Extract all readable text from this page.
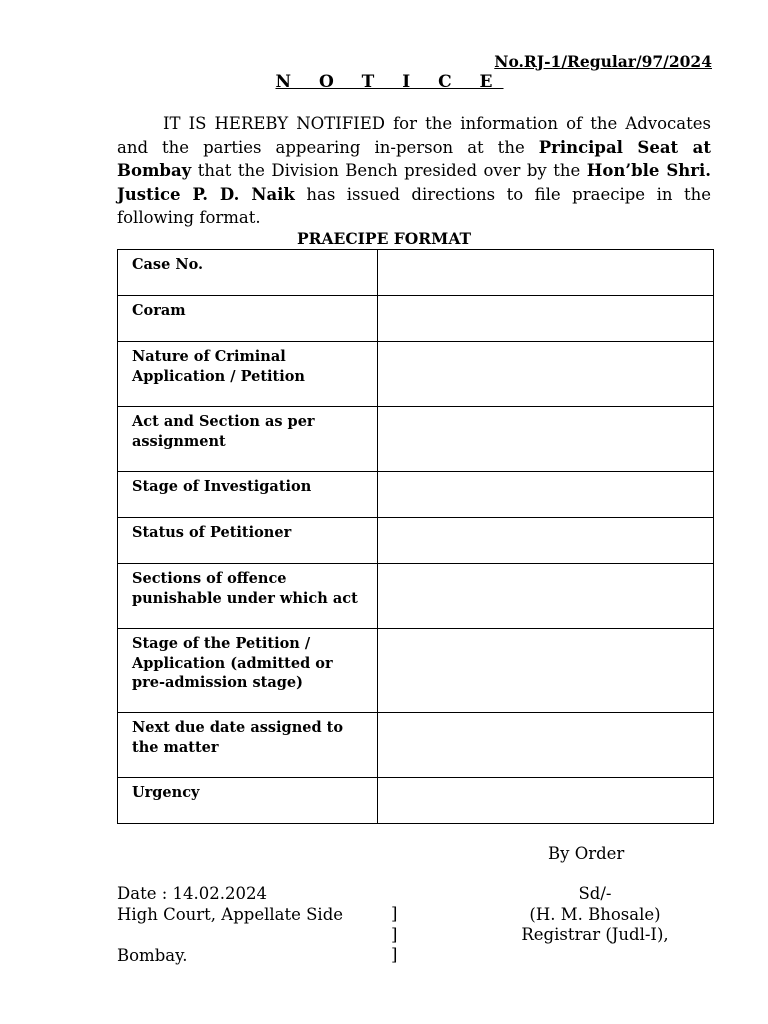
No.RJ-1/Regular/97/2024
N O T I C E

IT IS HEREBY NOTIFIED for the information of the Advocates and the parties appearing in-person at the Principal Seat at Bombay that the Division Bench presided over by the Hon’ble Shri. Justice P. D. Naik has issued directions to file praecipe in the following format.

PRAECIPE FORMAT
Case No.	
Coram	
Nature of Criminal Application / Petition	
Act and Section as per assignment	
Stage of Investigation	
Status of Petitioner	
Sections of offence punishable under which act	
Stage of the Petition / Application (admitted or pre-admission stage)	
Next due date assigned to the matter	
Urgency	
By Order
Date : 14.02.2024
High Court, Appellate Side
Bombay.
]
]
]
Sd/-
(H. M. Bhosale)
Registrar (Judl-I),
